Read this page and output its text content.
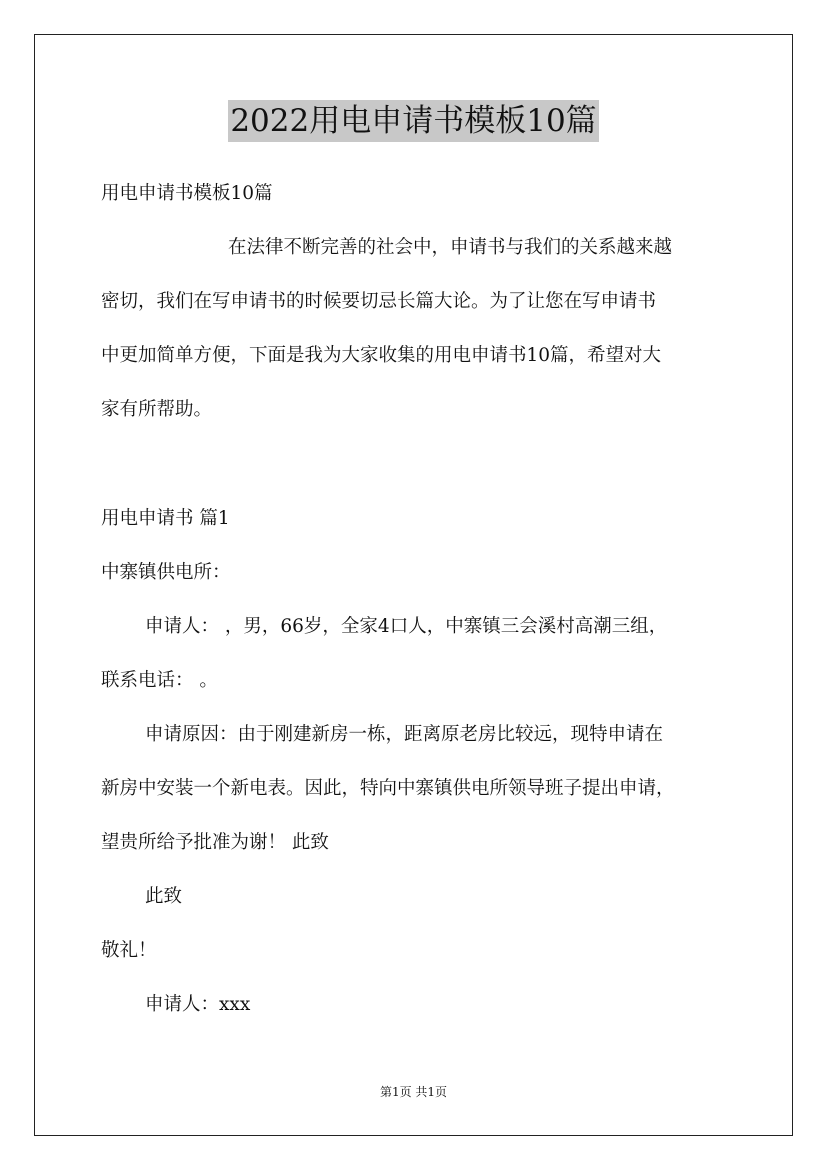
2022用电申请书模板10篇
用电申请书模板10篇
在法律不断完善的社会中，申请书与我们的关系越来越
密切，我们在写申请书的时候要切忌长篇大论。为了让您在写申请书
中更加简单方便，下面是我为大家收集的用电申请书10篇，希望对大
家有所帮助。
用电申请书 篇1
中寨镇供电所：
申请人： ，男，66岁，全家4口人，中寨镇三会溪村高潮三组，
联系电话： 。
申请原因：由于刚建新房一栋，距离原老房比较远，现特申请在
新房中安装一个新电表。因此，特向中寨镇供电所领导班子提出申请，
望贵所给予批准为谢！ 此致
此致
敬礼！
申请人：xxx
第1页 共1页
